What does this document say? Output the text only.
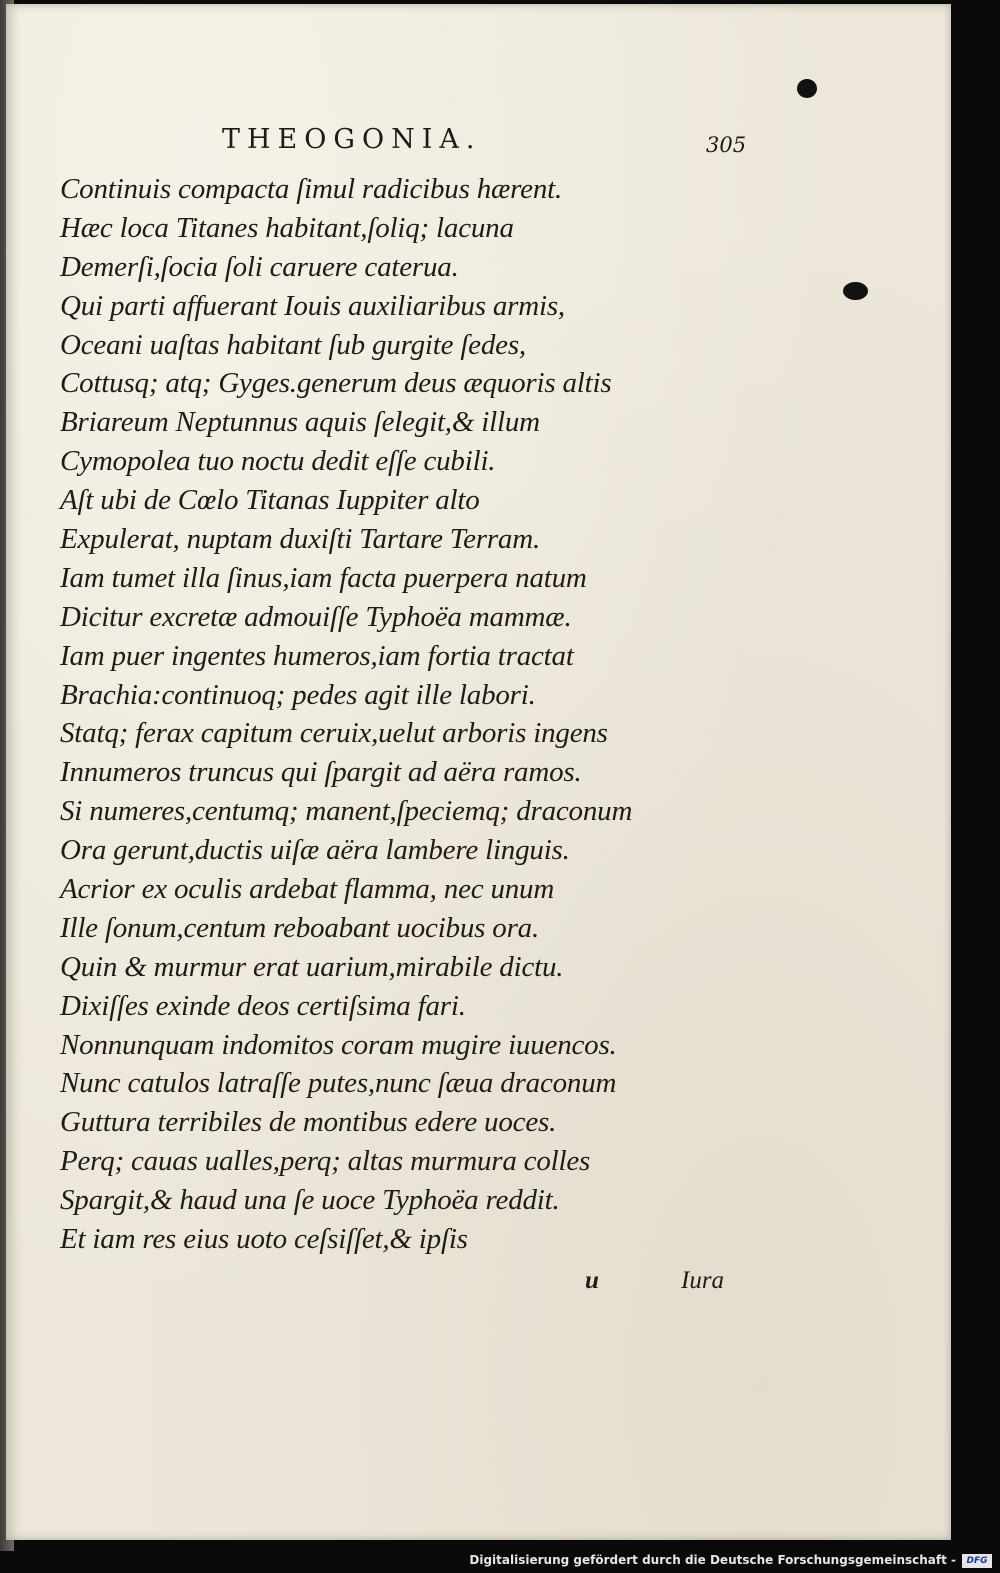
THEOGONIA.	305
Continuis compacta ſimul radicibus hærent.
Hæc loca Titanes habitant,ſoliq; lacuna
Demerſi,ſocia ſoli caruere caterua.
Qui parti affuerant Iouis auxiliaribus armis,
Oceani uaſtas habitant ſub gurgite ſedes,
Cottusq; atq; Gyges.generum deus æquoris altis
Briareum Neptunnus aquis ſelegit,& illum
Cymopolea tuo noctu dedit eſſe cubili.
Aſt ubi de Cœlo Titanas Iuppiter alto
Expulerat, nuptam duxiſti Tartare Terram.
Iam tumet illa ſinus,iam facta puerpera natum
Dicitur excretæ admouiſſe Typhoëa mammæ.
Iam puer ingentes humeros,iam fortia tractat
Brachia:continuoq; pedes agit ille labori.
Statq; ferax capitum ceruix,uelut arboris ingens
Innumeros truncus qui ſpargit ad aëra ramos.
Si numeres,centumq; manent,ſpeciemq; draconum
Ora gerunt,ductis uiſæ aëra lambere linguis.
Acrior ex oculis ardebat flamma, nec unum
Ille ſonum,centum reboabant uocibus ora.
Quin & murmur erat uarium,mirabile dictu.
Dixiſſes exinde deos certiſsima fari.
Nonnunquam indomitos coram mugire iuuencos.
Nunc catulos latraſſe putes,nunc ſæua draconum
Guttura terribiles de montibus edere uoces.
Perq; cauas ualles,perq; altas murmura colles
Spargit,& haud una ſe uoce Typhoëa reddit.
Et iam res eius uoto ceſsiſſet,& ipſis
u	Iura
Digitalisierung gefördert durch die Deutsche Forschungsgemeinschaft -	DFG
